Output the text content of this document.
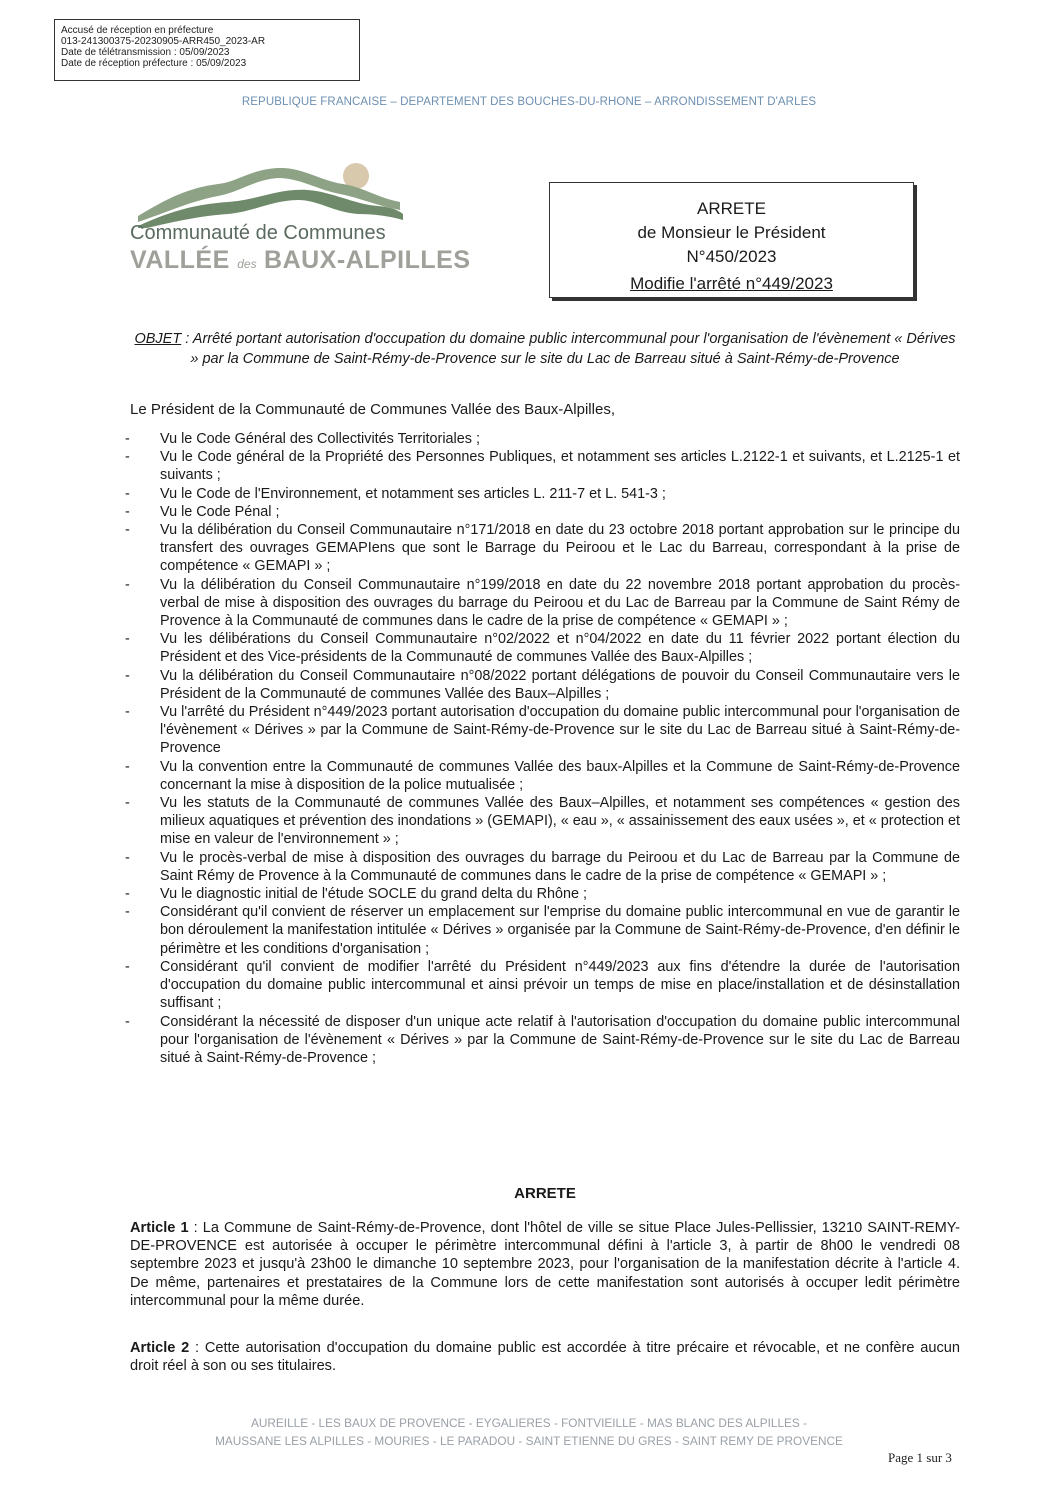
Accusé de réception en préfecture
013-241300375-20230905-ARR450_2023-AR
Date de télétransmission : 05/09/2023
Date de réception préfecture : 05/09/2023
REPUBLIQUE FRANCAISE – DEPARTEMENT DES BOUCHES-DU-RHONE – ARRONDISSEMENT D'ARLES
Communauté de Communes
VALLÉE des BAUX-ALPILLES
ARRETE
de Monsieur le Président
N°450/2023
Modifie l'arrêté n°449/2023
OBJET : Arrêté portant autorisation d'occupation du domaine public intercommunal pour l'organisation de l'évènement « Dérives » par la Commune de Saint-Rémy-de-Provence sur le site du Lac de Barreau situé à Saint-Rémy-de-Provence
Le Président de la Communauté de Communes Vallée des Baux-Alpilles,
- Vu le Code Général des Collectivités Territoriales ;
- Vu le Code général de la Propriété des Personnes Publiques, et notamment ses articles L.2122-1 et suivants, et L.2125-1 et suivants ;
- Vu le Code de l'Environnement, et notamment ses articles L. 211-7 et L. 541-3 ;
- Vu le Code Pénal ;
- Vu la délibération du Conseil Communautaire n°171/2018 en date du 23 octobre 2018 portant approbation sur le principe du transfert des ouvrages GEMAPIens que sont le Barrage du Peiroou et le Lac du Barreau, correspondant à la prise de compétence « GEMAPI » ;
- Vu la délibération du Conseil Communautaire n°199/2018 en date du 22 novembre 2018 portant approbation du procès-verbal de mise à disposition des ouvrages du barrage du Peiroou et du Lac de Barreau par la Commune de Saint Rémy de Provence à la Communauté de communes dans le cadre de la prise de compétence « GEMAPI » ;
- Vu les délibérations du Conseil Communautaire n°02/2022 et n°04/2022 en date du 11 février 2022 portant élection du Président et des Vice-présidents de la Communauté de communes Vallée des Baux-Alpilles ;
- Vu la délibération du Conseil Communautaire n°08/2022 portant délégations de pouvoir du Conseil Communautaire vers le Président de la Communauté de communes Vallée des Baux–Alpilles ;
- Vu l'arrêté du Président n°449/2023 portant autorisation d'occupation du domaine public intercommunal pour l'organisation de l'évènement « Dérives » par la Commune de Saint-Rémy-de-Provence sur le site du Lac de Barreau situé à Saint-Rémy-de-Provence
- Vu la convention entre la Communauté de communes Vallée des baux-Alpilles et la Commune de Saint-Rémy-de-Provence concernant la mise à disposition de la police mutualisée ;
- Vu les statuts de la Communauté de communes Vallée des Baux–Alpilles, et notamment ses compétences « gestion des milieux aquatiques et prévention des inondations » (GEMAPI), « eau », « assainissement des eaux usées », et « protection et mise en valeur de l'environnement » ;
- Vu le procès-verbal de mise à disposition des ouvrages du barrage du Peiroou et du Lac de Barreau par la Commune de Saint Rémy de Provence à la Communauté de communes dans le cadre de la prise de compétence « GEMAPI » ;
- Vu le diagnostic initial de l'étude SOCLE du grand delta du Rhône ;
- Considérant qu'il convient de réserver un emplacement sur l'emprise du domaine public intercommunal en vue de garantir le bon déroulement la manifestation intitulée « Dérives » organisée par la Commune de Saint-Rémy-de-Provence, d'en définir le périmètre et les conditions d'organisation ;
- Considérant qu'il convient de modifier l'arrêté du Président n°449/2023 aux fins d'étendre la durée de l'autorisation d'occupation du domaine public intercommunal et ainsi prévoir un temps de mise en place/installation et de désinstallation suffisant ;
- Considérant la nécessité de disposer d'un unique acte relatif à l'autorisation d'occupation du domaine public intercommunal pour l'organisation de l'évènement « Dérives » par la Commune de Saint-Rémy-de-Provence sur le site du Lac de Barreau situé à Saint-Rémy-de-Provence ;
ARRETE
Article 1 : La Commune de Saint-Rémy-de-Provence, dont l'hôtel de ville se situe Place Jules-Pellissier, 13210 SAINT-REMY-DE-PROVENCE est autorisée à occuper le périmètre intercommunal défini à l'article 3, à partir de 8h00 le vendredi 08 septembre 2023 et jusqu'à 23h00 le dimanche 10 septembre 2023, pour l'organisation de la manifestation décrite à l'article 4. De même, partenaires et prestataires de la Commune lors de cette manifestation sont autorisés à occuper ledit périmètre intercommunal pour la même durée.
Article 2 : Cette autorisation d'occupation du domaine public est accordée à titre précaire et révocable, et ne confère aucun droit réel à son ou ses titulaires.
AUREILLE - LES BAUX DE PROVENCE - EYGALIERES - FONTVIEILLE - MAS BLANC DES ALPILLES -
MAUSSANE LES ALPILLES - MOURIES - LE PARADOU - SAINT ETIENNE DU GRES - SAINT REMY DE PROVENCE
Page 1 sur 3
